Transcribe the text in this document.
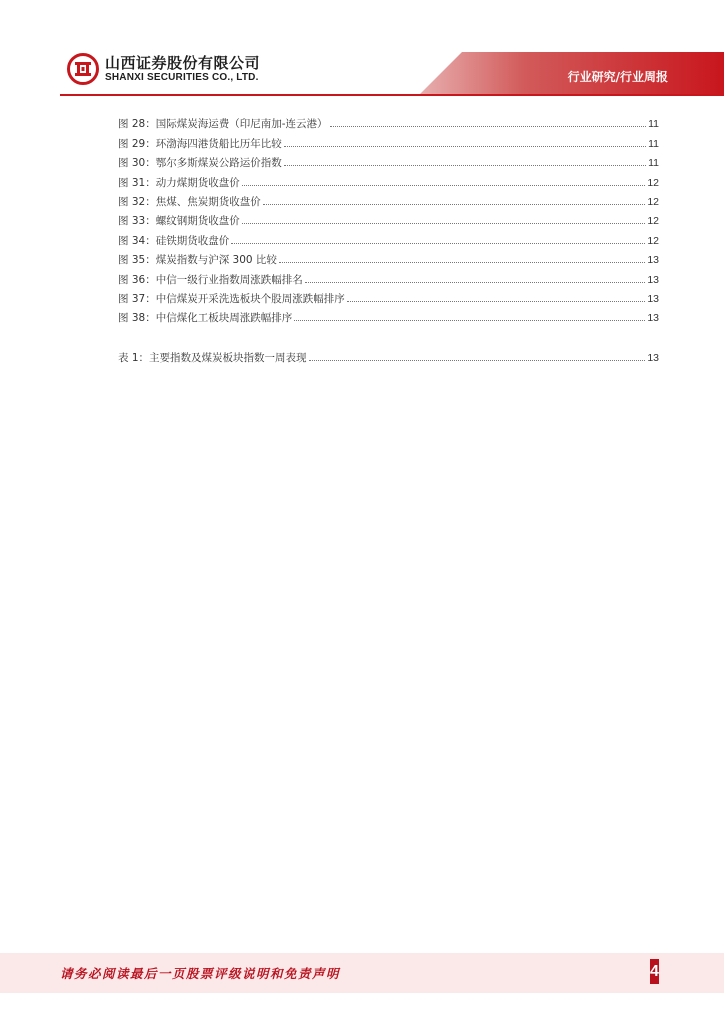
山西证券股份有限公司
SHANXI SECURITIES CO., LTD.	行业研究/行业周报
图 28：国际煤炭海运费（印尼南加-连云港）	11
图 29：环渤海四港货船比历年比较	11
图 30：鄂尔多斯煤炭公路运价指数	11
图 31：动力煤期货收盘价	12
图 32：焦煤、焦炭期货收盘价	12
图 33：螺纹钢期货收盘价	12
图 34：硅铁期货收盘价	12
图 35：煤炭指数与沪深 300 比较	13
图 36：中信一级行业指数周涨跌幅排名	13
图 37：中信煤炭开采洗选板块个股周涨跌幅排序	13
图 38：中信煤化工板块周涨跌幅排序	13
表 1：主要指数及煤炭板块指数一周表现	13
请务必阅读最后一页股票评级说明和免责声明	4
